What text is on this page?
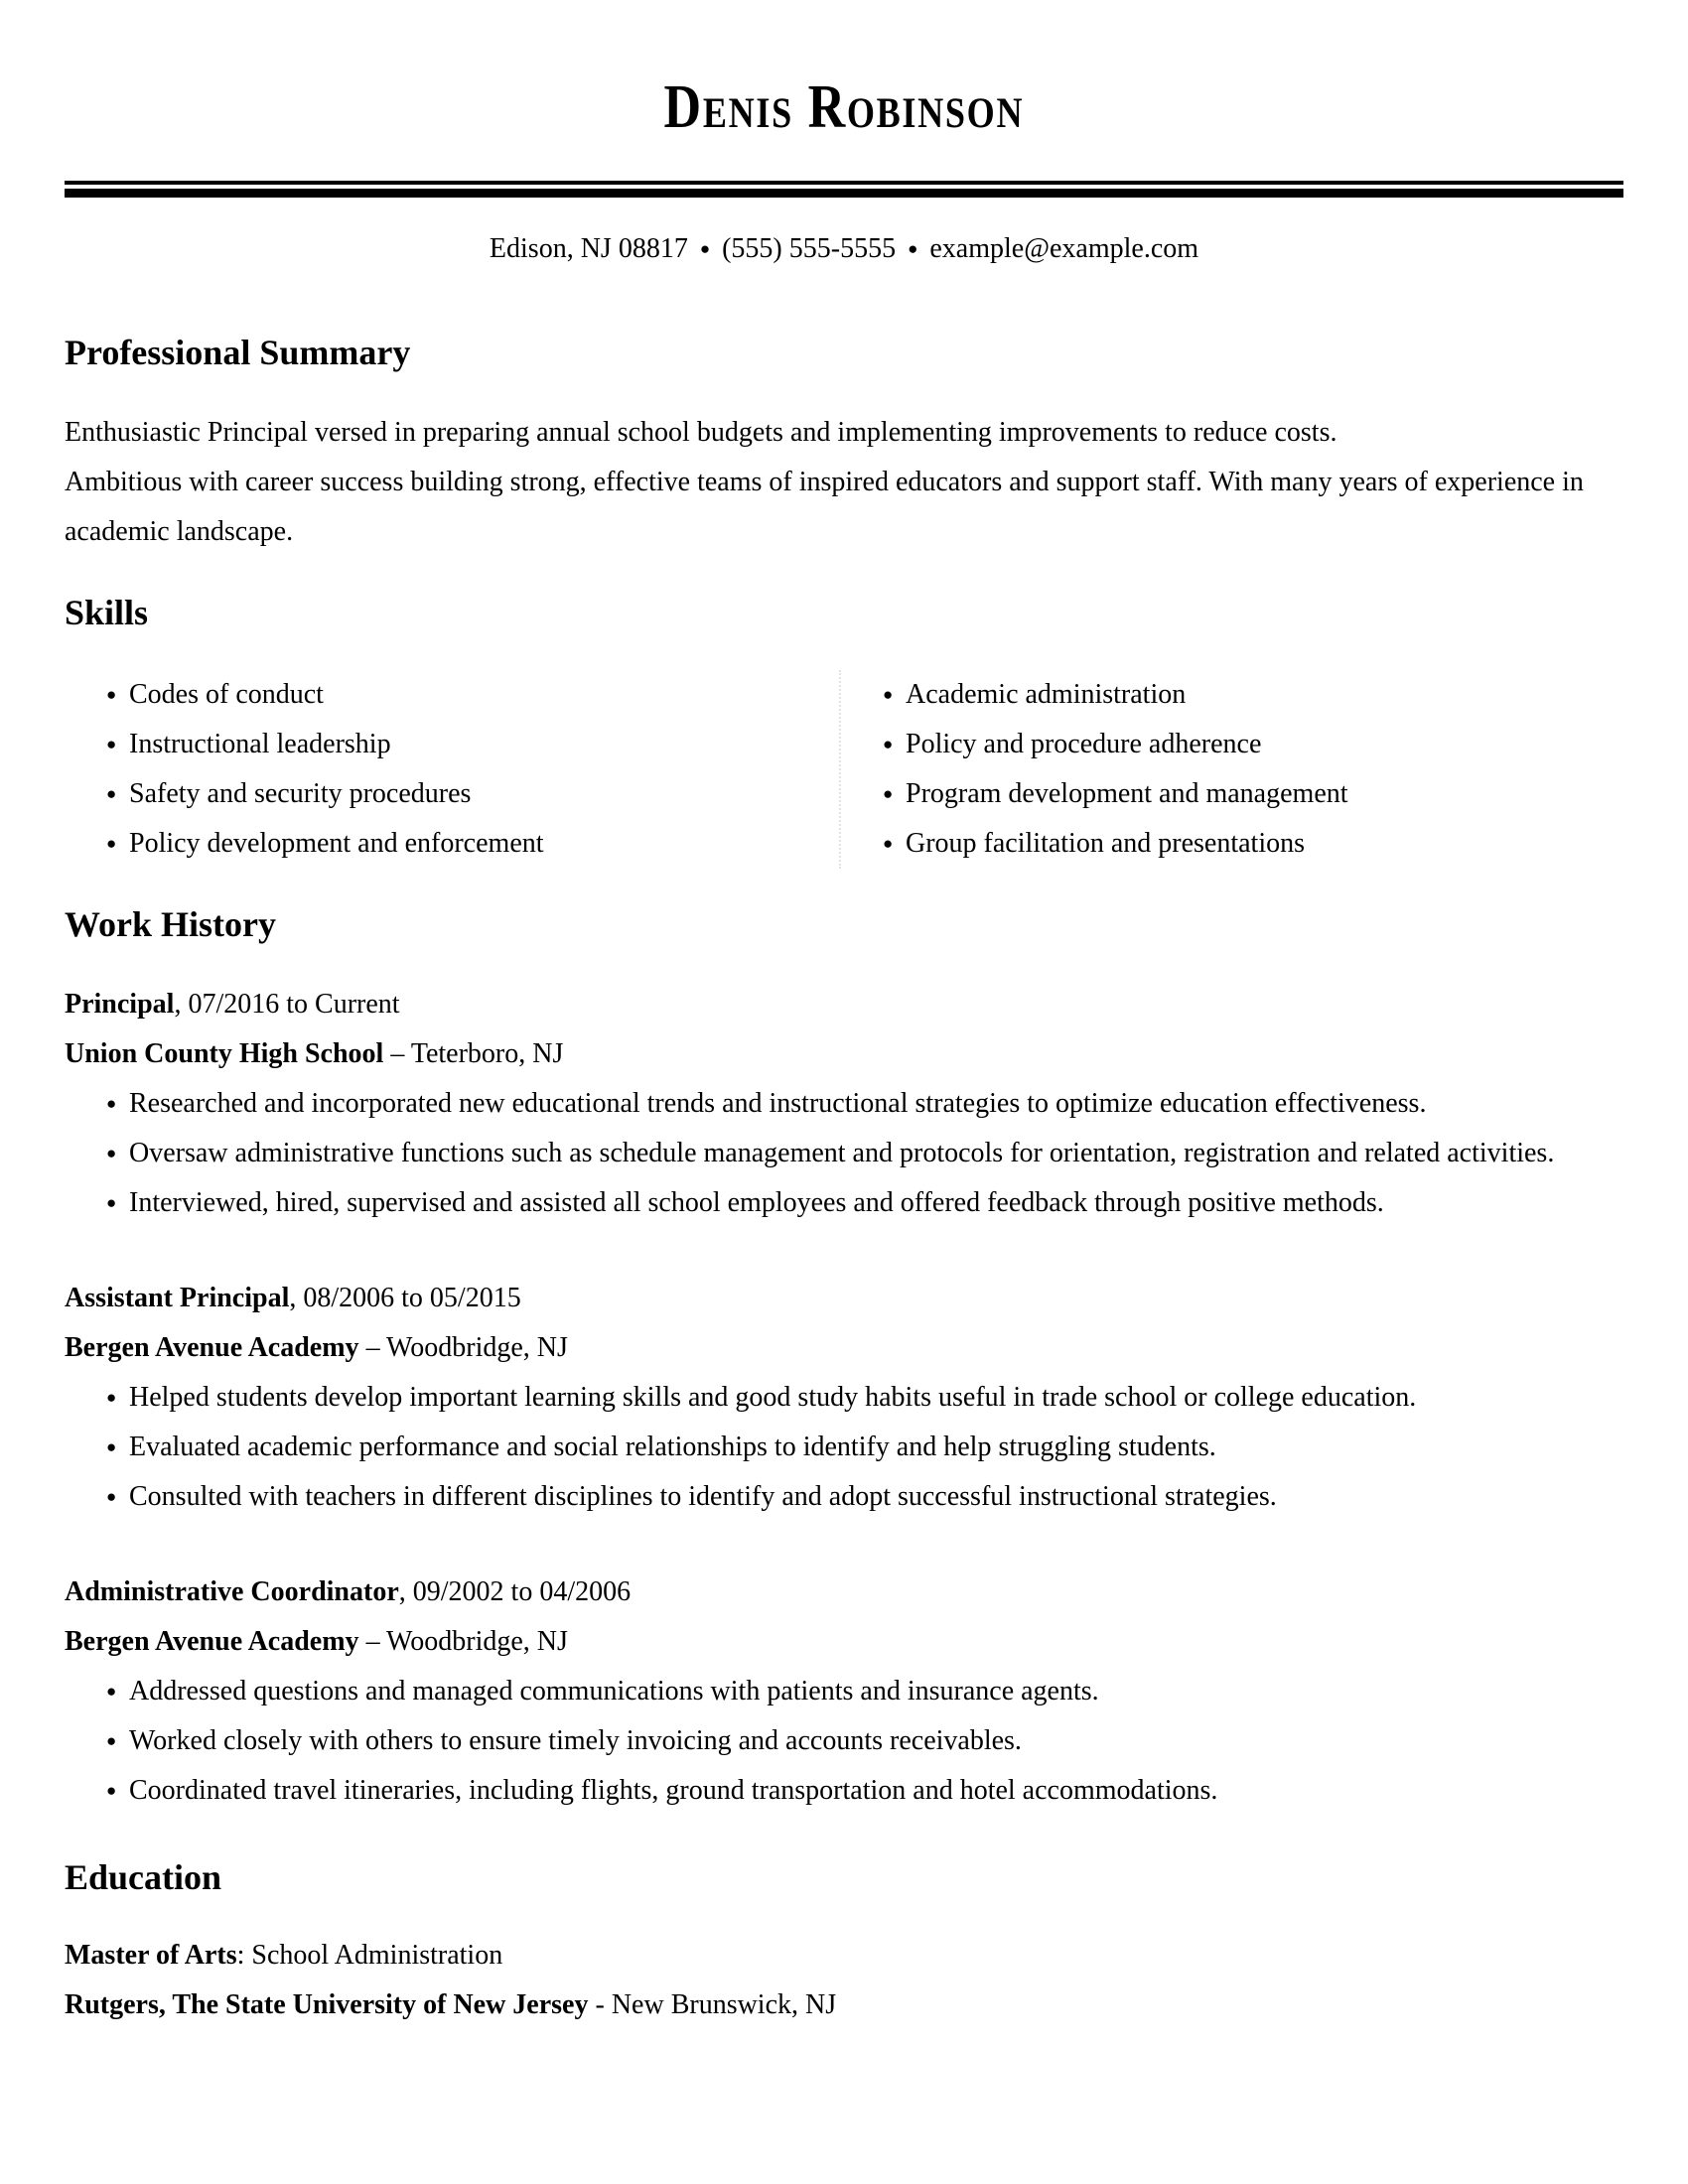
Denis Robinson
Edison, NJ 08817 ● (555) 555-5555 ● example@example.com
Professional Summary

Enthusiastic Principal versed in preparing annual school budgets and implementing improvements to reduce costs.

Ambitious with career success building strong, effective teams of inspired educators and support staff. With many years of experience in academic landscape.

Skills
● Codes of conduct
● Instructional leadership
● Safety and security procedures
● Policy development and enforcement
● Academic administration
● Policy and procedure adherence
● Program development and management
● Group facilitation and presentations
Work History
Principal, 07/2016 to Current
Union County High School – Teterboro, NJ
● Researched and incorporated new educational trends and instructional strategies to optimize education effectiveness.
● Oversaw administrative functions such as schedule management and protocols for orientation, registration and related activities.
● Interviewed, hired, supervised and assisted all school employees and offered feedback through positive methods.
Assistant Principal, 08/2006 to 05/2015
Bergen Avenue Academy – Woodbridge, NJ
● Helped students develop important learning skills and good study habits useful in trade school or college education.
● Evaluated academic performance and social relationships to identify and help struggling students.
● Consulted with teachers in different disciplines to identify and adopt successful instructional strategies.
Administrative Coordinator, 09/2002 to 04/2006
Bergen Avenue Academy – Woodbridge, NJ
● Addressed questions and managed communications with patients and insurance agents.
● Worked closely with others to ensure timely invoicing and accounts receivables.
● Coordinated travel itineraries, including flights, ground transportation and hotel accommodations.
Education
Master of Arts: School Administration
Rutgers, The State University of New Jersey - New Brunswick, NJ
